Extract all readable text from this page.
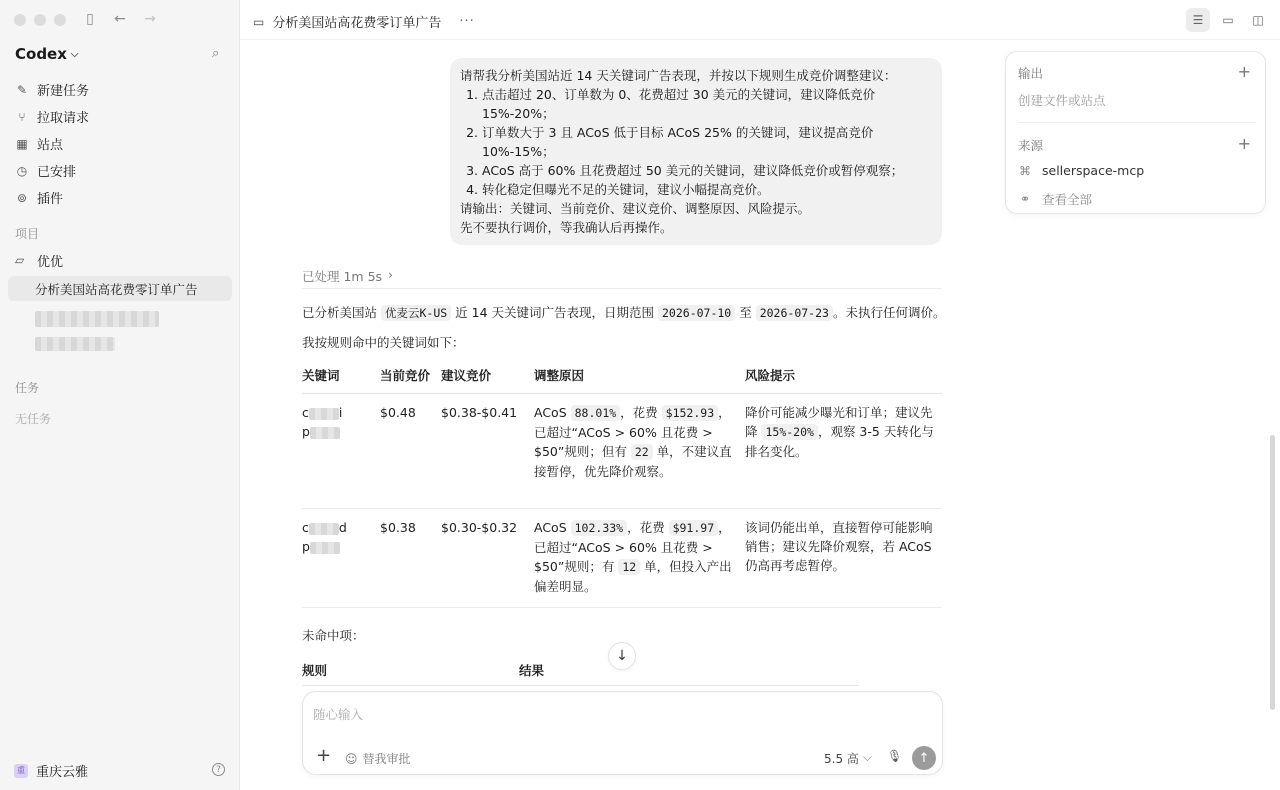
▯ ← →
Codex ⌵	⌕
✎ 新建任务
⑂ 拉取请求
▦ 站点
◷ 已安排
⊚ 插件
项目
▱ 优优
分析美国站高花费零订单广告
任务
无任务
重 重庆云雅	?
▭ 分析美国站高花费零订单广告 ···	☰	▭	◫
请帮我分析美国站近 14 天关键词广告表现，并按以下规则生成竞价调整建议：
1. 点击超过 20、订单数为 0、花费超过 30 美元的关键词，建议降低竞价 15%-20%；
2. 订单数大于 3 且 ACoS 低于目标 ACoS 25% 的关键词，建议提高竞价 10%-15%；
3. ACoS 高于 60% 且花费超过 50 美元的关键词，建议降低竞价或暂停观察；
4. 转化稳定但曝光不足的关键词，建议小幅提高竞价。
请输出：关键词、当前竞价、建议竞价、调整原因、风险提示。
先不要执行调价，等我确认后再操作。
已处理 1m 5s ›

已分析美国站 优麦云K-US 近 14 天关键词广告表现，日期范围 2026-07-10 至 2026-07-23 。未执行任何调价。

我按规则命中的关键词如下：

关键词	当前竞价	建议竞价	调整原因	风险提示
c i
p	$0.48	$0.38-$0.41	ACoS 88.01% ，花费 $152.93 ，已超过“ACoS > 60% 且花费 > $50”规则；但有 22 单，不建议直接暂停，优先降价观察。	降价可能减少曝光和订单；建议先降 15%-20% ，观察 3-5 天转化与排名变化。
c d
p	$0.38	$0.30-$0.32	ACoS 102.33% ，花费 $91.97 ，已超过“ACoS > 60% 且花费 > $50”规则；有 12 单，但投入产出偏差明显。	该词仍能出单，直接暂停可能影响销售；建议先降价观察，若 ACoS 仍高再考虑暂停。
未命中项：
规则	结果
↓
随心输入
+ ☺ 替我审批	5.5 高 ⌵ 🎙 ↑
输出	+
创建文件或站点
来源	+
⌘ sellerspace-mcp
⚭ 查看全部
